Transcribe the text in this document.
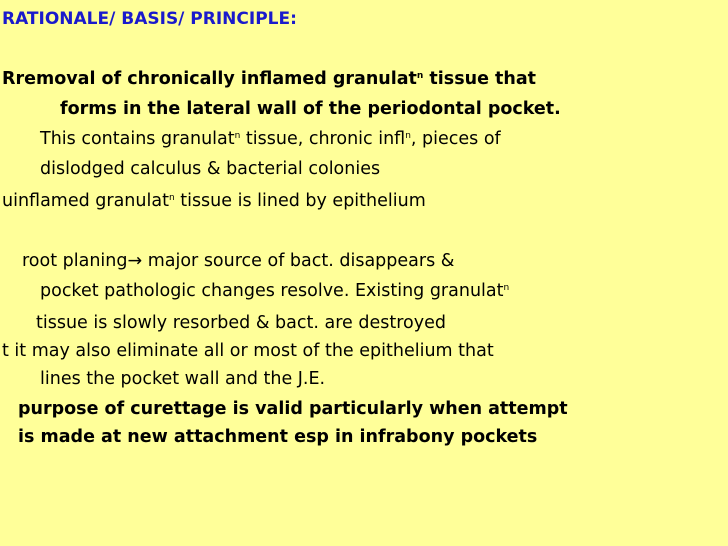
RATIONALE/ BASIS/ PRINCIPLE:
Rremoval of chronically inflamed granulat$^n$ tissue that
forms in the lateral wall of the periodontal pocket.
This contains granulat$^n$ tissue, chronic infl$^n$, pieces of
dislodged calculus & bacterial colonies
uinflamed granulat$^n$ tissue is lined by epithelium
root planing→ major source of bact. disappears &
pocket pathologic changes resolve. Existing granulat$^n$
tissue is slowly resorbed & bact. are destroyed
t it may also eliminate all or most of the epithelium that
lines the pocket wall and the J.E.
purpose of curettage is valid particularly when attempt
is made at new attachment esp in infrabony pockets
